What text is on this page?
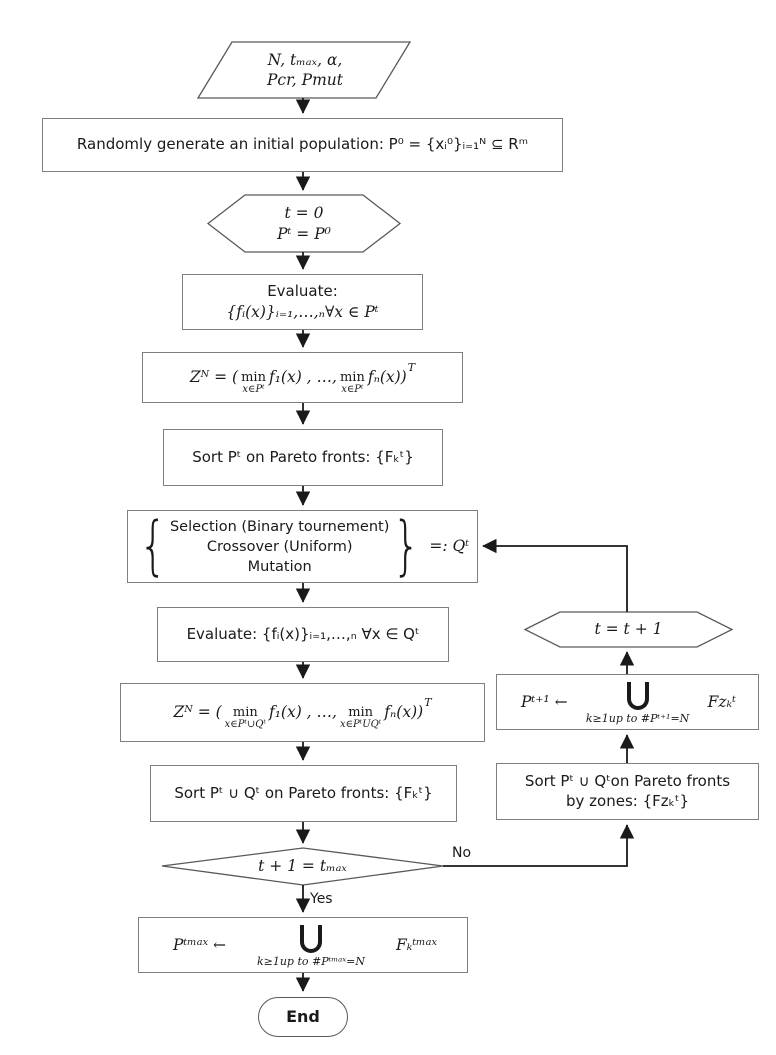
N, tₘₐₓ, α,
Pcr, Pmut
Randomly generate an initial population: P⁰ = {xᵢ⁰}ᵢ₌₁ᴺ ⊆ Rᵐ
t = 0
Pᵗ = P⁰
Evaluate:
{fᵢ(x)}ᵢ₌₁,…,ₙ∀x ∈ Pᵗ
Zᴺ = ( min
x∈Pᵗ
f₁(x) , …, min
x∈Pᵗ
fₙ(x))
T
Sort Pᵗ on Pareto fronts: {Fₖᵗ}
{ Selection (Binary tournement)
Crossover (Uniform)
Mutation } =: Qᵗ
Evaluate: {fᵢ(x)}ᵢ₌₁,…,ₙ ∀x ∈ Qᵗ
Zᴺ = ( min
x∈Pᵗ∪Qᵗ
f₁(x) , …, min
x∈PᵗUQᵗ
fₙ(x))
T
Sort Pᵗ ∪ Qᵗ on Pareto fronts: {Fₖᵗ}
t + 1 = tₘₐₓ
Yes
No
Pᵗᵐᵃˣ ←
k≥1up to #Pᵗᵐᵃˣ=N
Fₖᵗᵐᵃˣ
End
t = t + 1
Pᵗ⁺¹ ←
k≥1up to #Pᵗ⁺¹=N
Fzₖᵗ
Sort Pᵗ ∪ Qᵗon Pareto fronts
by zones: {Fzₖᵗ}
